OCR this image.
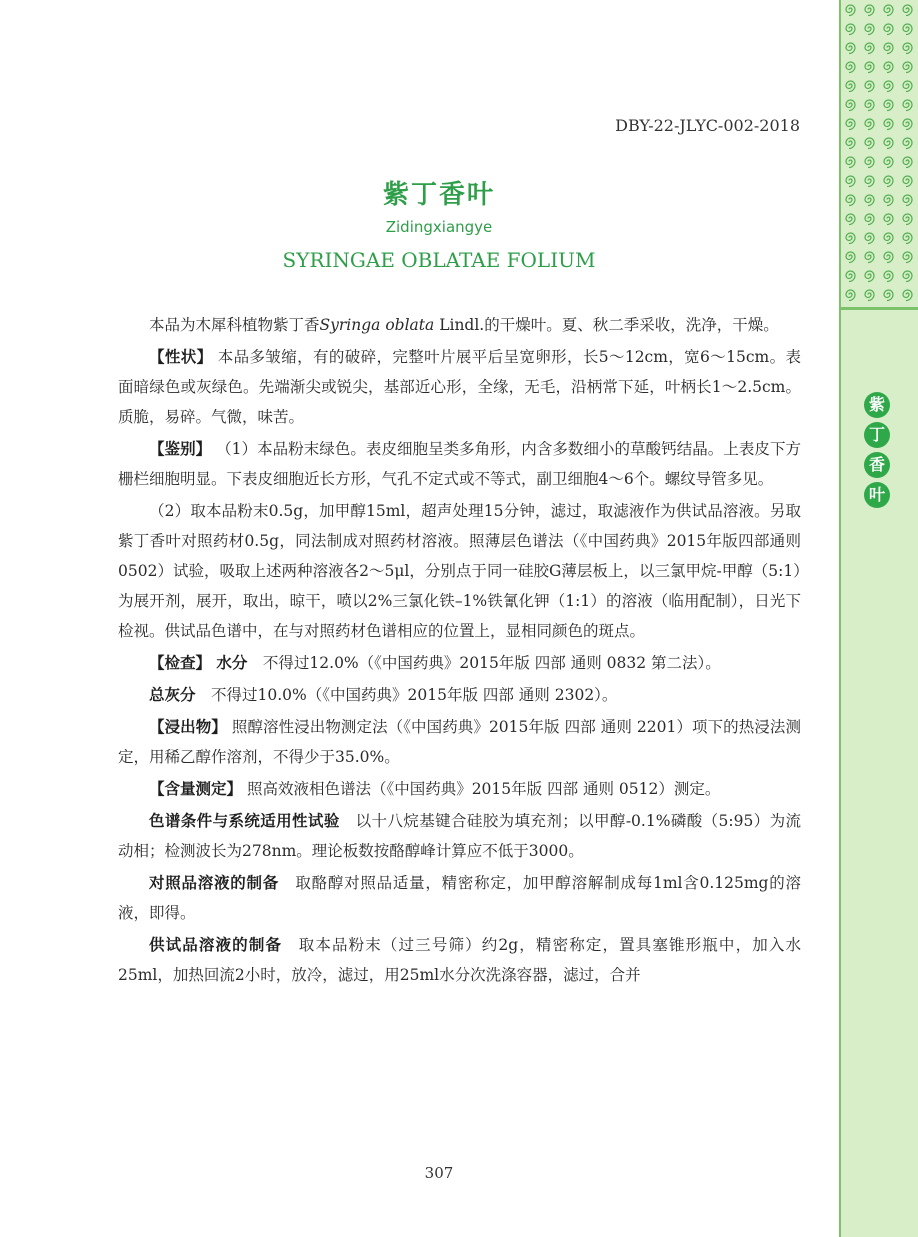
紫
丁
香
叶
DBY-22-JLYC-002-2018
紫丁香叶
Zidingxiangye
SYRINGAE OBLATAE FOLIUM

本品为木犀科植物紫丁香Syringa oblata Lindl.的干燥叶。夏、秋二季采收，洗净，干燥。

【性状】 本品多皱缩，有的破碎，完整叶片展平后呈宽卵形，长5～12cm，宽6～15cm。表面暗绿色或灰绿色。先端渐尖或锐尖，基部近心形，全缘，无毛，沿柄常下延，叶柄长1～2.5cm。质脆，易碎。气微，味苦。

【鉴别】 （1）本品粉末绿色。表皮细胞呈类多角形，内含多数细小的草酸钙结晶。上表皮下方栅栏细胞明显。下表皮细胞近长方形，气孔不定式或不等式，副卫细胞4～6个。螺纹导管多见。

（2）取本品粉末0.5g，加甲醇15ml，超声处理15分钟，滤过，取滤液作为供试品溶液。另取紫丁香叶对照药材0.5g，同法制成对照药材溶液。照薄层色谱法（《中国药典》2015年版四部通则0502）试验，吸取上述两种溶液各2～5μl，分别点于同一硅胶G薄层板上，以三氯甲烷-甲醇（5:1）为展开剂，展开，取出，晾干，喷以2%三氯化铁–1%铁氰化钾（1:1）的溶液（临用配制），日光下检视。供试品色谱中，在与对照药材色谱相应的位置上，显相同颜色的斑点。

【检查】 水分　不得过12.0%（《中国药典》2015年版 四部 通则 0832 第二法）。

总灰分　不得过10.0%（《中国药典》2015年版 四部 通则 2302）。

【浸出物】 照醇溶性浸出物测定法（《中国药典》2015年版 四部 通则 2201）项下的热浸法测定，用稀乙醇作溶剂，不得少于35.0%。

【含量测定】 照高效液相色谱法（《中国药典》2015年版 四部 通则 0512）测定。

色谱条件与系统适用性试验　以十八烷基键合硅胶为填充剂；以甲醇-0.1%磷酸（5:95）为流动相；检测波长为278nm。理论板数按酪醇峰计算应不低于3000。

对照品溶液的制备　取酪醇对照品适量，精密称定，加甲醇溶解制成每1ml含0.125mg的溶液，即得。

供试品溶液的制备　取本品粉末（过三号筛）约2g，精密称定，置具塞锥形瓶中，加入水25ml，加热回流2小时，放冷，滤过，用25ml水分次洗涤容器，滤过，合并

307
